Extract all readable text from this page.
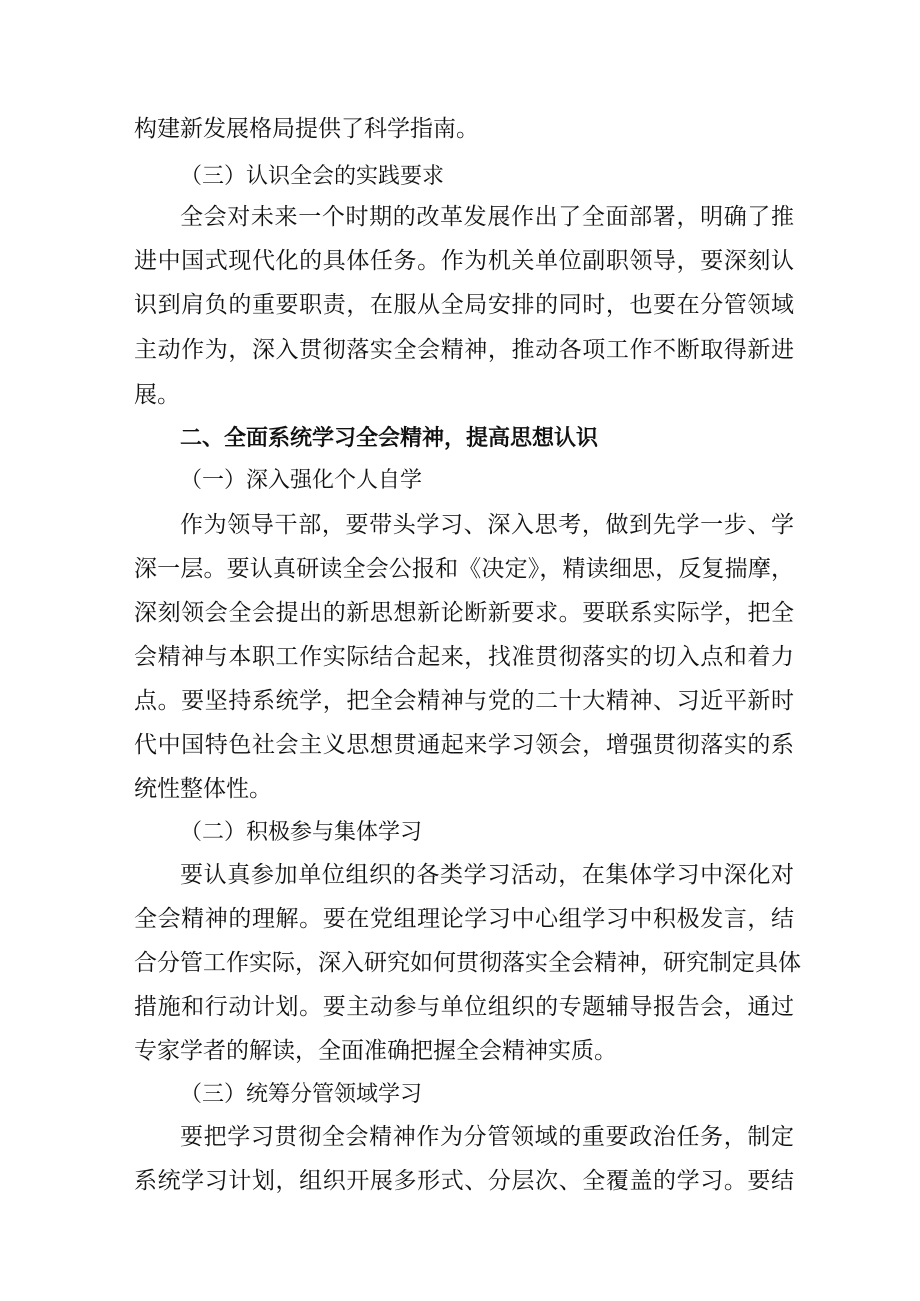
构建新发展格局提供了科学指南。
（三）认识全会的实践要求
全会对未来一个时期的改革发展作出了全面部署，明确了推
进中国式现代化的具体任务。作为机关单位副职领导，要深刻认
识到肩负的重要职责，在服从全局安排的同时，也要在分管领域
主动作为，深入贯彻落实全会精神，推动各项工作不断取得新进
展。
二、全面系统学习全会精神，提高思想认识
（一）深入强化个人自学
作为领导干部，要带头学习、深入思考，做到先学一步、学
深一层。要认真研读全会公报和《决定》，精读细思，反复揣摩，
深刻领会全会提出的新思想新论断新要求。要联系实际学，把全
会精神与本职工作实际结合起来，找准贯彻落实的切入点和着力
点。要坚持系统学，把全会精神与党的二十大精神、习近平新时
代中国特色社会主义思想贯通起来学习领会，增强贯彻落实的系
统性整体性。
（二）积极参与集体学习
要认真参加单位组织的各类学习活动，在集体学习中深化对
全会精神的理解。要在党组理论学习中心组学习中积极发言，结
合分管工作实际，深入研究如何贯彻落实全会精神，研究制定具体
措施和行动计划。要主动参与单位组织的专题辅导报告会，通过
专家学者的解读，全面准确把握全会精神实质。
（三）统筹分管领域学习
要把学习贯彻全会精神作为分管领域的重要政治任务，制定
系统学习计划，组织开展多形式、分层次、全覆盖的学习。要结
